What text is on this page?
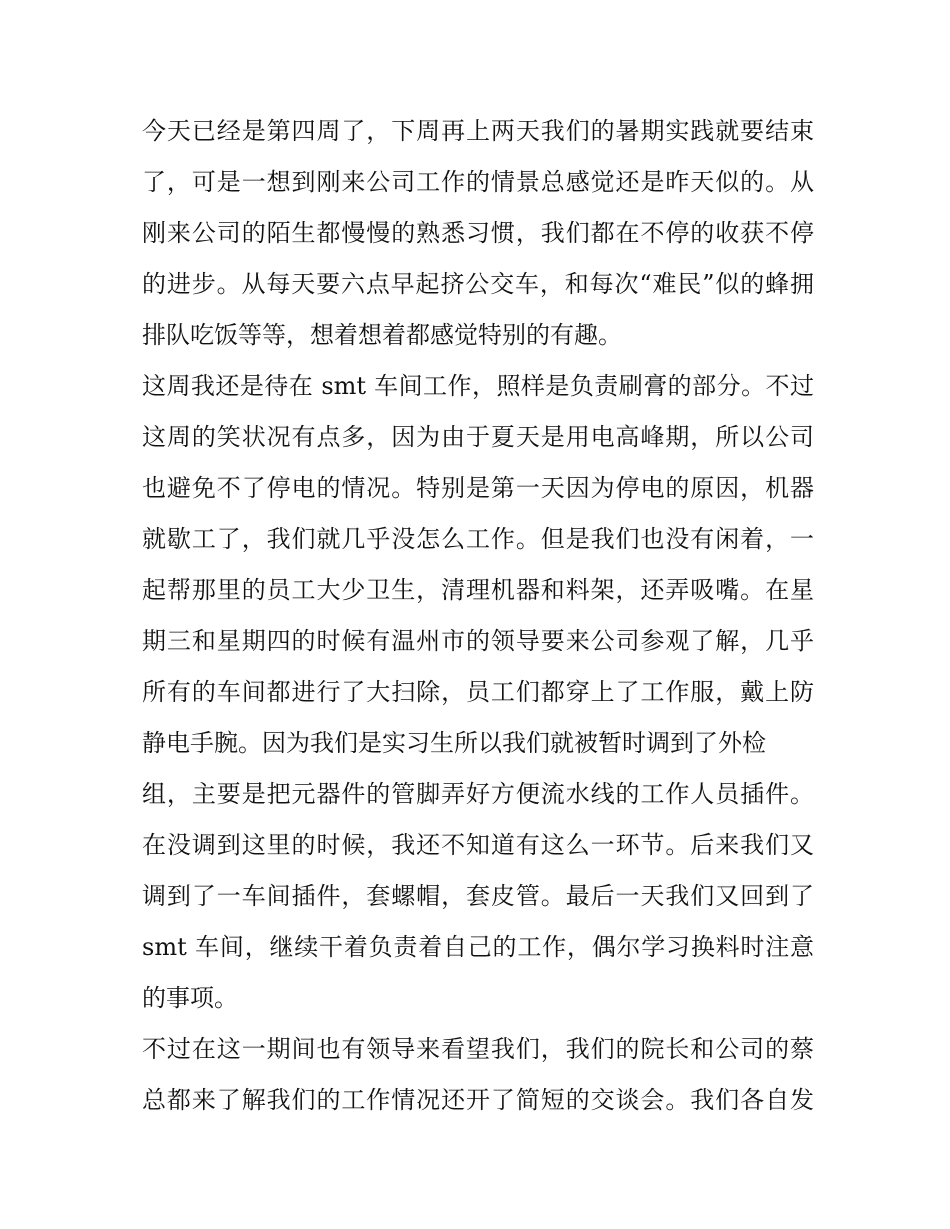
今天已经是第四周了，下周再上两天我们的暑期实践就要结束
了，可是一想到刚来公司工作的情景总感觉还是昨天似的。从
刚来公司的陌生都慢慢的熟悉习惯，我们都在不停的收获不停
的进步。从每天要六点早起挤公交车，和每次“难民”似的蜂拥
排队吃饭等等，想着想着都感觉特别的有趣。
这周我还是待在 smt 车间工作，照样是负责刷膏的部分。不过
这周的笑状况有点多，因为由于夏天是用电高峰期，所以公司
也避免不了停电的情况。特别是第一天因为停电的原因，机器
就歇工了，我们就几乎没怎么工作。但是我们也没有闲着，一
起帮那里的员工大少卫生，清理机器和料架，还弄吸嘴。在星
期三和星期四的时候有温州市的领导要来公司参观了解，几乎
所有的车间都进行了大扫除，员工们都穿上了工作服，戴上防
静电手腕。因为我们是实习生所以我们就被暂时调到了外检
组，主要是把元器件的管脚弄好方便流水线的工作人员插件。
在没调到这里的时候，我还不知道有这么一环节。后来我们又
调到了一车间插件，套螺帽，套皮管。最后一天我们又回到了
smt 车间，继续干着负责着自己的工作，偶尔学习换料时注意
的事项。
不过在这一期间也有领导来看望我们，我们的院长和公司的蔡
总都来了解我们的工作情况还开了简短的交谈会。我们各自发
